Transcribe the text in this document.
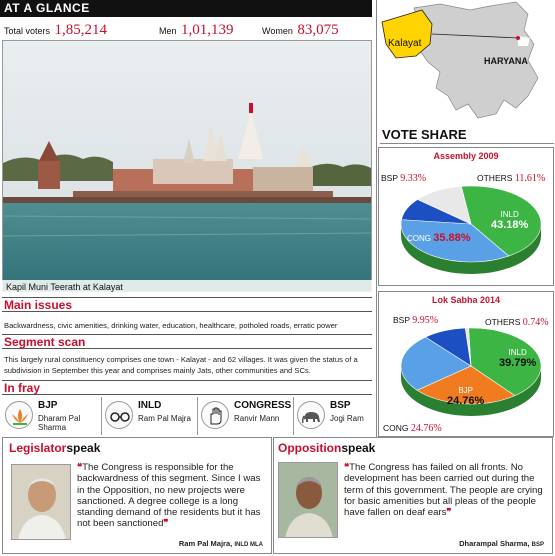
AT A GLANCE
Total voters 1,85,214	Men 1,01,139	Women 83,075
Kapil Muni Teerath at Kalayat
Main issues
Backwardness, civic amenities, drinking water, education, healthcare, potholed roads, erratic power
Segment scan
This largely rural constituency comprises one town - Kalayat - and 62 villages. It was given the status of a subdivision in September this year and comprises mainly Jats, other communities and SCs.
In fray
BJP
Dharam Pal Sharma
INLD
Ram Pal Majra
CONGRESS
Ranvir Mann
BSP
Jogi Ram
Kalayat
HARYANA
VOTE SHARE
Assembly 2009
BSP 9.33%	OTHERS 11.61%
INLD
43.18%
CONG 35.88%
Lok Sabha 2014
BSP 9.95%	OTHERS 0.74%
INLD
39.79%
BJP
24.76%
CONG 24.76%
Legislatorspeak
❝The Congress is responsible for the backwardness of this segment. Since I was in the Opposition, no new projects were sanctioned. A degree college is a long standing demand of the residents but it has not been sanctioned❞
Ram Pal Majra, INLD MLA
Oppositionspeak
❝The Congress has failed on all fronts. No development has been carried out during the term of this government. The people are crying for basic amenities but all pleas of the people have fallen on deaf ears❞
Dharampal Sharma, BSP
